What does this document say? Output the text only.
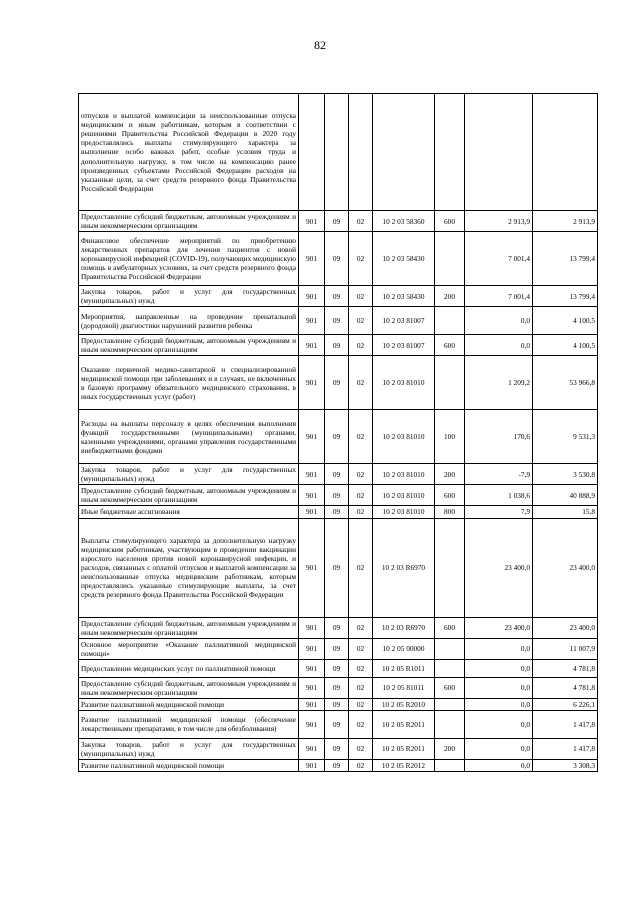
82
отпусков и выплатой компенсации за неиспользованные отпуска медицинским и иным работникам, которым в соответствии с решениями Правительства Российской Федерации в 2020 году предоставлялись выплаты стимулирующего характера за выполнение особо важных работ, особые условия труда и дополнительную нагрузку, в том числе на компенсацию ранее произведенных субъектами Российской Федерации расходов на указанные цели, за счет средств резервного фонда Правительства Российской Федерации							
Предоставление субсидий бюджетным, автономным учреждениям и иным некоммерческим организациям	901	09	02	10 2 03 58360	600	2 913,9	2 913,9
Финансовое обеспечение мероприятий по приобретению лекарственных препаратов для лечения пациентов с новой коронавирусной инфекцией (COVID-19), получающих медицинскую помощь в амбулаторных условиях, за счет средств резервного фонда Правительства Российской Федерации	901	09	02	10 2 03 58430		7 001,4	13 799,4
Закупка товаров, работ и услуг для государственных (муниципальных) нужд	901	09	02	10 2 03 58430	200	7 001,4	13 799,4
Мероприятия, направленные на проведение пренатальной (дородовой) диагностики нарушений развития ребенка	901	09	02	10 2 03 81007		0,0	4 100,5
Предоставление субсидий бюджетным, автономным учреждениям и иным некоммерческим организациям	901	09	02	10 2 03 81007	600	0,0	4 100,5
Оказание первичной медико-санитарной и специализированной медицинской помощи при заболеваниях и в случаях, не включенных в базовую программу обязательного медицинского страхования, в иных государственных услуг (работ)	901	09	02	10 2 03 81010		1 209,2	53 966,8
Расходы на выплаты персоналу в целях обеспечения выполнения функций государственными (муниципальными) органами, казенными учреждениями, органами управления государственными внебюджетными фондами	901	09	02	10 2 03 81010	100	170,6	9 531,3
Закупка товаров, работ и услуг для государственных (муниципальных) нужд	901	09	02	10 2 03 81010	200	-7,9	3 530,8
Предоставление субсидий бюджетным, автономным учреждениям и иным некоммерческим организациям	901	09	02	10 2 03 81010	600	1 038,6	40 888,9
Иные бюджетные ассигнования	901	09	02	10 2 03 81010	800	7,9	15,8
Выплаты стимулирующего характера за дополнительную нагрузку медицинским работникам, участвующим в проведении вакцинации взрослого населения против новой коронавирусной инфекции, и расходов, связанных с оплатой отпусков и выплатой компенсации за неиспользованные отпуска медицинским работникам, которым предоставлялись указанные стимулирующие выплаты, за счет средств резервного фонда Правительства Российской Федерации	901	09	02	10 2 03 R6970		23 400,0	23 400,0
Предоставление субсидий бюджетным, автономным учреждениям и иным некоммерческим организациям	901	09	02	10 2 03 R6970	600	23 400,0	23 400,0
Основное мероприятие «Оказание паллиативной медицинской помощи»	901	09	02	10 2 05 00000		0,0	11 007,9
Предоставление медицинских услуг по паллиативной помощи	901	09	02	10 2 05 R1011		0,0	4 781,8
Предоставление субсидий бюджетным, автономным учреждениям и иным некоммерческим организациям	901	09	02	10 2 05 81011	600	0,0	4 781,8
Развитие паллиативной медицинской помощи	901	09	02	10 2 05 R2010		0,0	6 226,1
Развитие паллиативной медицинской помощи (обеспечение лекарственными препаратами, в том числе для обезболивания)	901	09	02	10 2 05 R2011		0,0	1 417,8
Закупка товаров, работ и услуг для государственных (муниципальных) нужд	901	09	02	10 2 05 R2011	200	0,0	1 417,8
Развитие паллиативной медицинской помощи	901	09	02	10 2 05 R2012		0,0	3 308,3
